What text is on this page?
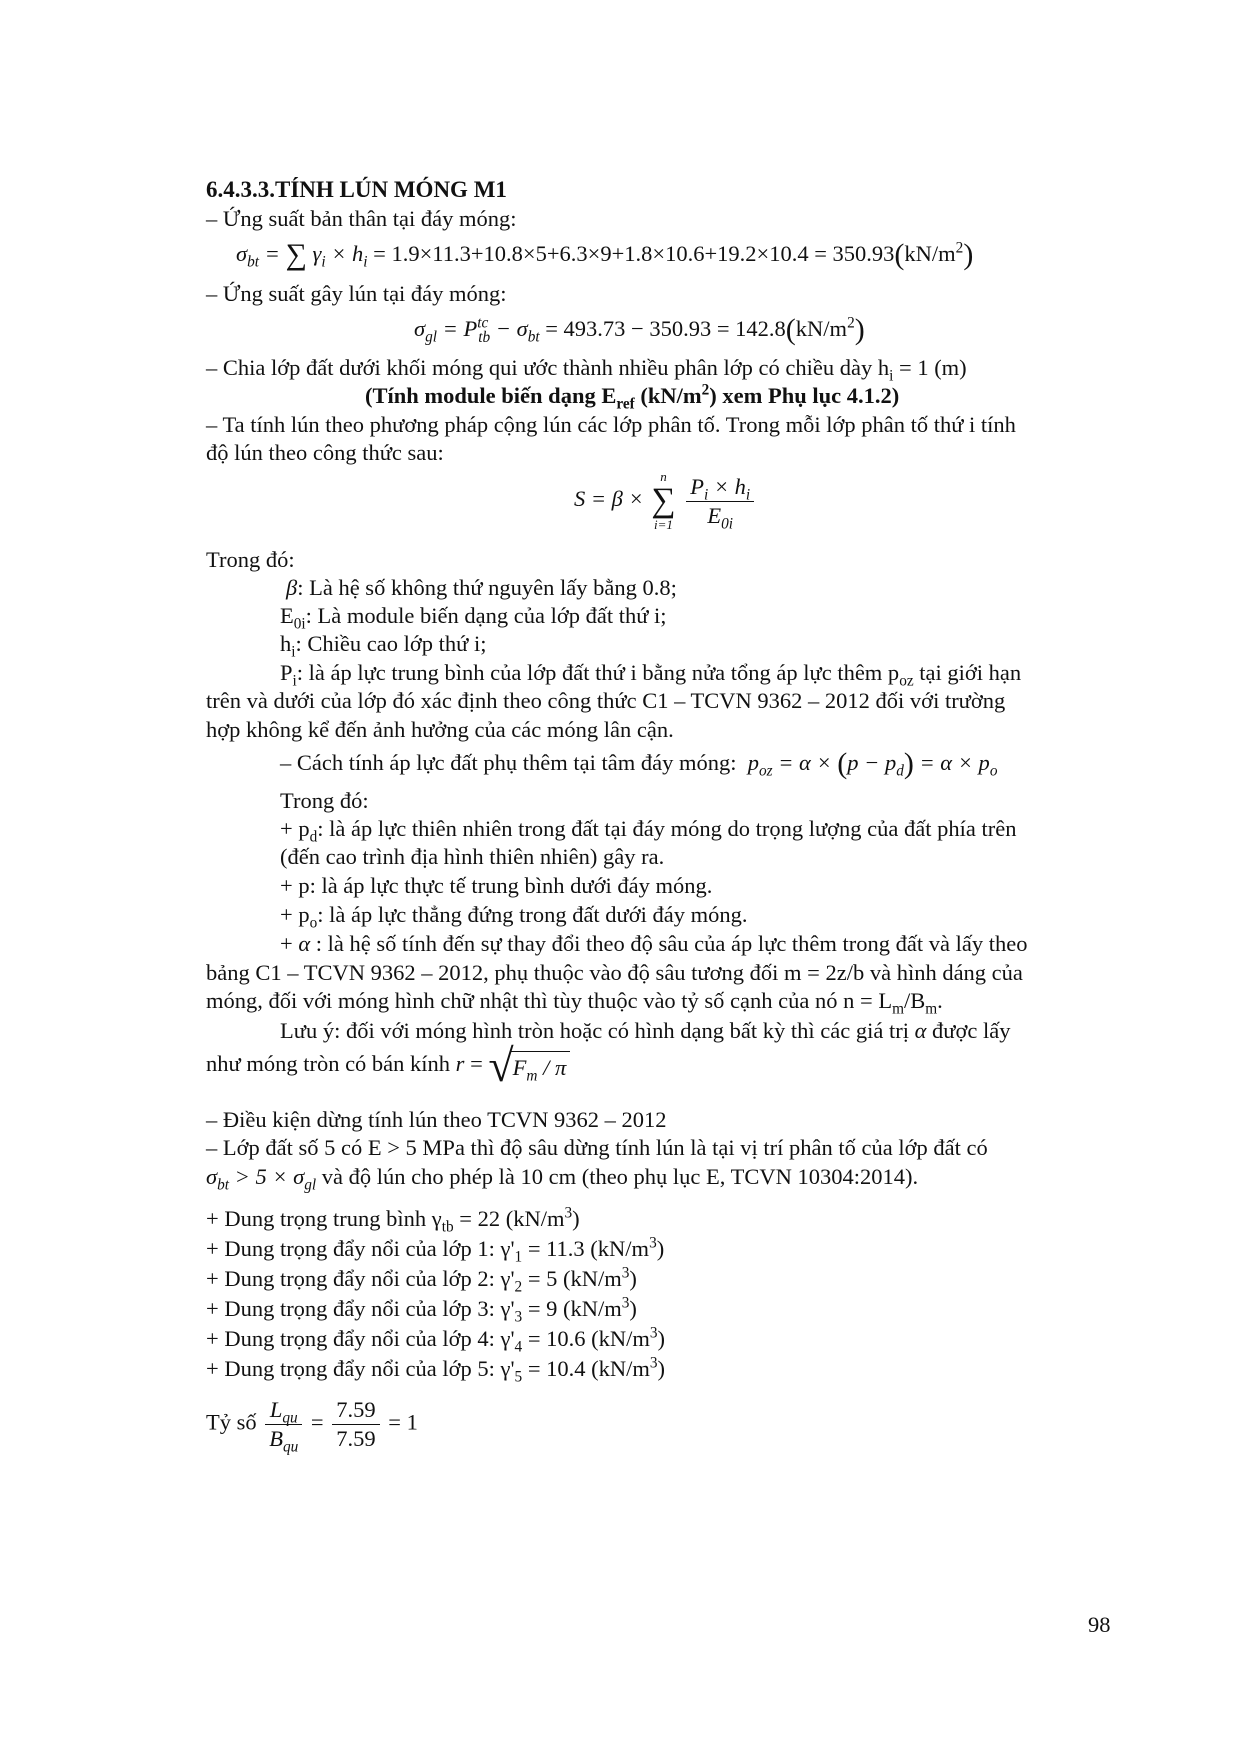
6.4.3.3.TÍNH LÚN MÓNG M1
– Ứng suất bản thân tại đáy móng:
$\sigma_{bt}$ = ∑ $\gamma_i \times h_i = 1.9\times 11.3+10.8\times 5+6.3\times 9+1.8\times 10.6+19.2\times 10.4 = 350.93(kN/m^2)$
– Ứng suất gây lún tại đáy móng:
$\sigma_{gl} = P^{tc}_{tb} - \sigma_{bt} = 493.73 - 350.93 = 142.8(kN/m^2)$
– Chia lớp đất dưới khối móng qui ước thành nhiều phân lớp có chiều dày $h_i = 1$ (m)
(Tính module biến dạng $E_{ref}$ $(kN/m^2)$ xem Phụ lục 4.1.2)
– Ta tính lún theo phương pháp cộng lún các lớp phân tố. Trong mỗi lớp phân tố thứ i tính
độ lún theo công thức sau:
S = β × n
∑
$i=1 \frac{P_i \times h_i}{E_{0i}}$
Trong đó:
β: Là hệ số không thứ nguyên lấy bằng 0.8;
$E_{0i}$: Là module biến dạng của lớp đất thứ i;
$h_i$: Chiều cao lớp thứ i;
$P_i$: là áp lực trung bình của lớp đất thứ i bằng nửa tổng áp lực thêm $p_{oz}$ tại giới hạn
trên và dưới của lớp đó xác định theo công thức C1 – TCVN 9362 – 2012 đối với trường
hợp không kể đến ảnh hưởng của các móng lân cận.
– Cách tính áp lực đất phụ thêm tại tâm đáy móng: $p_{oz} = \alpha \times (p - p_d) = \alpha \times p_o$
Trong đó:
+ $p_d$: là áp lực thiên nhiên trong đất tại đáy móng do trọng lượng của đất phía trên
(đến cao trình địa hình thiên nhiên) gây ra.
+ p: là áp lực thực tế trung bình dưới đáy móng.
+ $p_o$: là áp lực thẳng đứng trong đất dưới đáy móng.
+ α : là hệ số tính đến sự thay đổi theo độ sâu của áp lực thêm trong đất và lấy theo
bảng C1 – TCVN 9362 – 2012, phụ thuộc vào độ sâu tương đối m = 2z/b và hình dáng của
móng, đối với móng hình chữ nhật thì tùy thuộc vào tỷ số cạnh của nó $n = L_m/B_m$.
Lưu ý: đối với móng hình tròn hoặc có hình dạng bất kỳ thì các giá trị α được lấy
như móng tròn có bán kính $r = √F_m / \pi$
– Điều kiện dừng tính lún theo TCVN 9362 – 2012
– Lớp đất số 5 có E > 5 MPa thì độ sâu dừng tính lún là tại vị trí phân tố của lớp đất có
$\sigma_{bt} > 5 \times \sigma_{gl}$ và độ lún cho phép là 10 cm (theo phụ lục E, TCVN 10304:2014).
+ Dung trọng trung bình $\gamma_{tb} = 22$ $(kN/m^3)$
+ Dung trọng đẩy nổi của lớp 1: $\gamma'_1 = 11.3$ $(kN/m^3)$
+ Dung trọng đẩy nổi của lớp 2: $\gamma'_2 = 5$ $(kN/m^3)$
+ Dung trọng đẩy nổi của lớp 3: $\gamma'_3 = 9$ $(kN/m^3)$
+ Dung trọng đẩy nổi của lớp 4: $\gamma'_4 = 10.6$ $(kN/m^3)$
+ Dung trọng đẩy nổi của lớp 5: $\gamma'_5 = 10.4$ $(kN/m^3)$
Tỷ số $\frac{L_{qu}}{B_{qu}} = \frac{7.59}{7.59} = 1$
98
